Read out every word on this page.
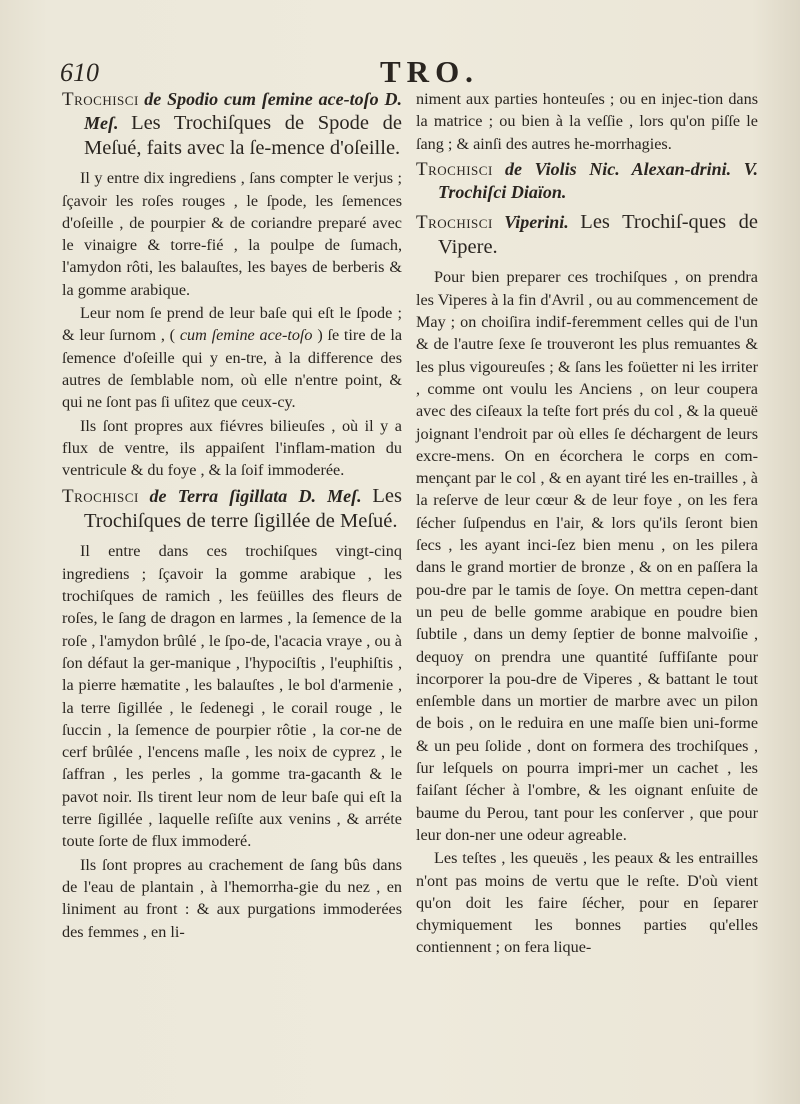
610	TRO.

Trochisci de Spodio cum ſemine ace-toſo D. Meſ. Les Trochiſques de Spode de Meſué, faits avec la ſe-mence d'oſeille.

Il y entre dix ingrediens , ſans compter le verjus ; ſçavoir les roſes rouges , le ſpode, les ſemences d'oſeille , de pourpier & de coriandre preparé avec le vinaigre & torre-fié , la poulpe de ſumach, l'amydon rôti, les balauſtes, les bayes de berberis & la gomme arabique.

Leur nom ſe prend de leur baſe qui eſt le ſpode ; & leur ſurnom , ( cum ſemine ace-toſo ) ſe tire de la ſemence d'oſeille qui y en-tre, à la difference des autres de ſemblable nom, où elle n'entre point, & qui ne ſont pas ſi uſitez que ceux-cy.

Ils ſont propres aux fiévres bilieuſes , où il y a flux de ventre, ils appaiſent l'inflam-mation du ventricule & du foye , & la ſoif immoderée.

Trochisci de Terra ſigillata D. Meſ. Les Trochiſques de terre ſigillée de Meſué.

Il entre dans ces trochiſques vingt-cinq ingrediens ; ſçavoir la gomme arabique , les trochiſques de ramich , les feüilles des fleurs de roſes, le ſang de dragon en larmes , la ſemence de la roſe , l'amydon brûlé , le ſpo-de, l'acacia vraye , ou à ſon défaut la ger-manique , l'hypociſtis , l'euphiſtis , la pierre hæmatite , les balauſtes , le bol d'armenie , la terre ſigillée , le ſedenegi , le corail rouge , le ſuccin , la ſemence de pourpier rôtie , la cor-ne de cerf brûlée , l'encens maſle , les noix de cyprez , le ſaffran , les perles , la gomme tra-gacanth & le pavot noir. Ils tirent leur nom de leur baſe qui eſt la terre ſigillée , laquelle reſiſte aux venins , & arréte toute ſorte de flux immoderé.

Ils ſont propres au crachement de ſang bûs dans de l'eau de plantain , à l'hemorrha-gie du nez , en liniment au front : & aux purgations immoderées des femmes , en li-

niment aux parties honteuſes ; ou en injec-tion dans la matrice ; ou bien à la veſſie , lors qu'on piſſe le ſang ; & ainſi des autres he-morrhagies.

Trochisci de Violis Nic. Alexan-drini. V. Trochiſci Diaïon.

Trochisci Viperini. Les Trochiſ-ques de Vipere.

Pour bien preparer ces trochiſques , on prendra les Viperes à la fin d'Avril , ou au commencement de May ; on choiſira indif-feremment celles qui de l'un & de l'autre ſexe ſe trouveront les plus remuantes & les plus vigoureuſes ; & ſans les foüetter ni les irriter , comme ont voulu les Anciens , on leur coupera avec des ciſeaux la teſte fort prés du col , & la queuë joignant l'endroit par où elles ſe déchargent de leurs excre-mens. On en écorchera le corps en com-mençant par le col , & en ayant tiré les en-trailles , à la reſerve de leur cœur & de leur foye , on les fera ſécher ſuſpendus en l'air, & lors qu'ils ſeront bien ſecs , les ayant inci-ſez bien menu , on les pilera dans le grand mortier de bronze , & on en paſſera la pou-dre par le tamis de ſoye. On mettra cepen-dant un peu de belle gomme arabique en poudre bien ſubtile , dans un demy ſeptier de bonne malvoiſie , dequoy on prendra une quantité ſuffiſante pour incorporer la pou-dre de Viperes , & battant le tout enſemble dans un mortier de marbre avec un pilon de bois , on le reduira en une maſſe bien uni-forme & un peu ſolide , dont on formera des trochiſques , ſur leſquels on pourra impri-mer un cachet , les faiſant ſécher à l'ombre, & les oignant enſuite de baume du Perou, tant pour les conſerver , que pour leur don-ner une odeur agreable.

Les teſtes , les queuës , les peaux & les entrailles n'ont pas moins de vertu que le reſte. D'où vient qu'on doit les faire ſécher, pour en ſeparer chymiquement les bonnes parties qu'elles contiennent ; on fera lique-
